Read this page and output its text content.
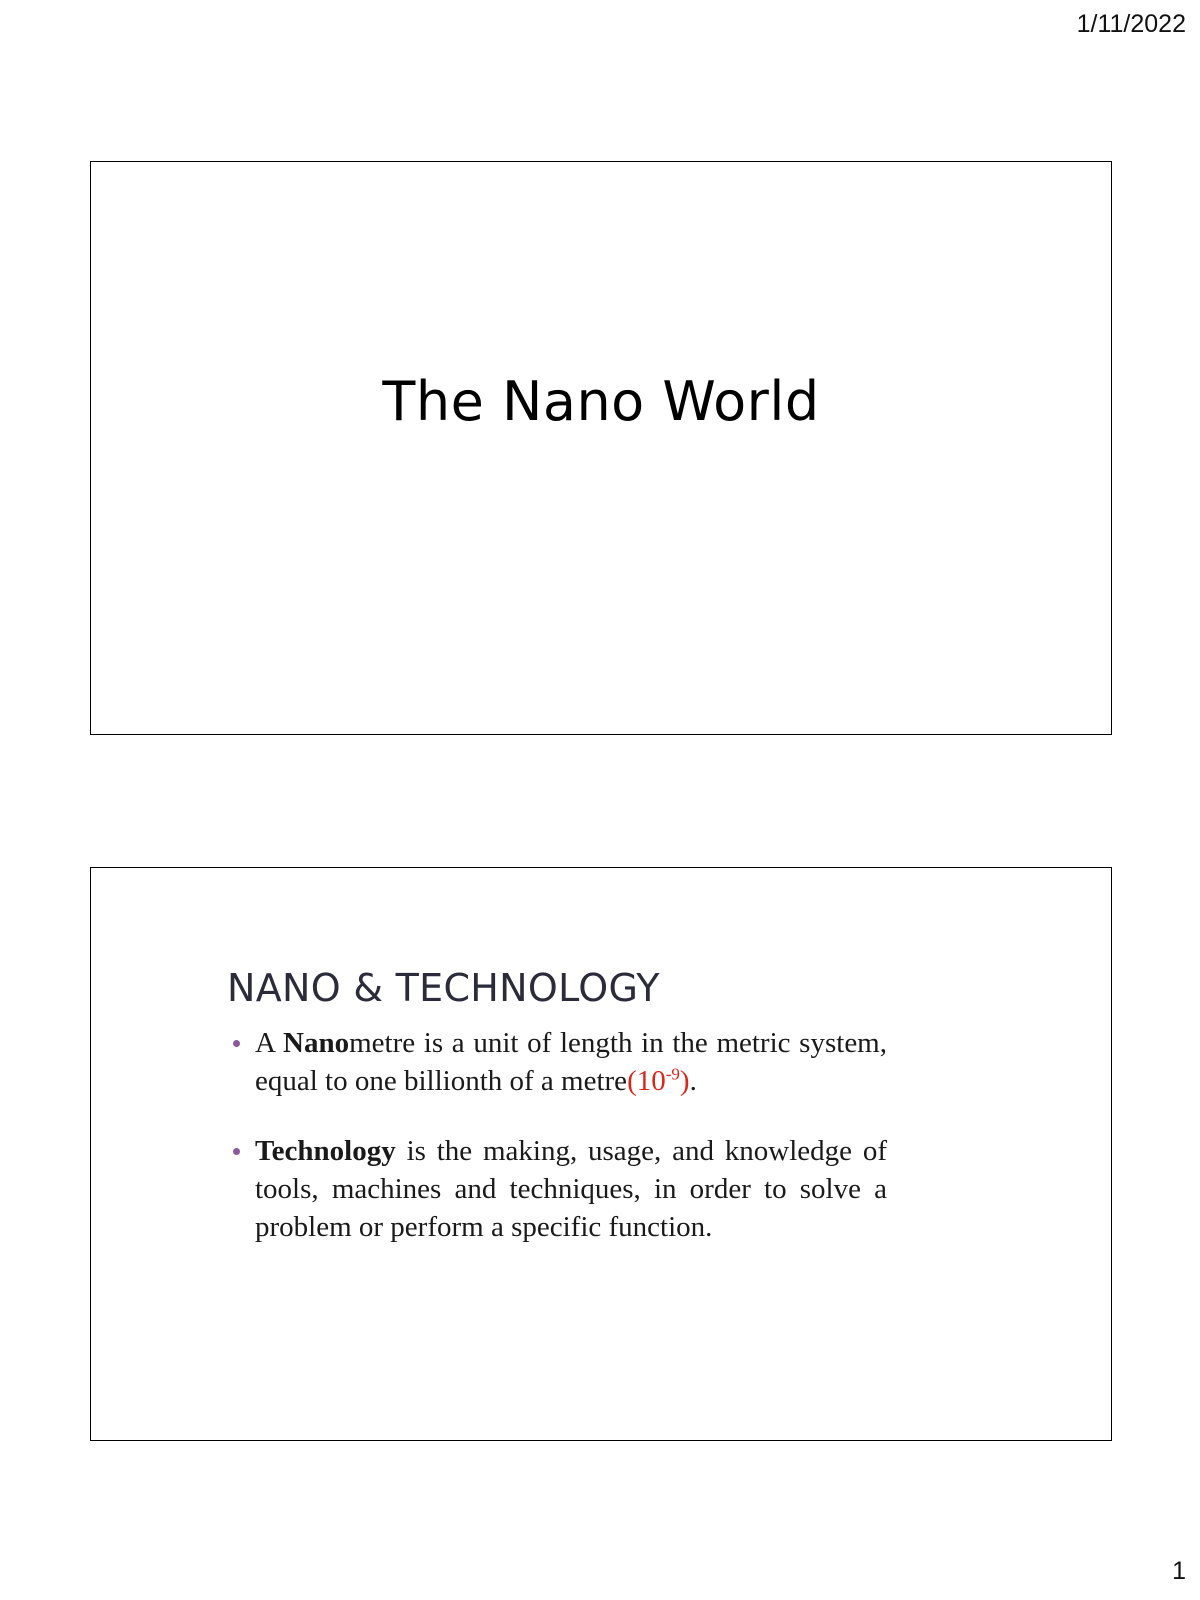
1/11/2022
The Nano World
NANO & TECHNOLOGY
A Nanometre is a unit of length in the metric system, equal to one billionth of a $metre(10^{-9})$.
Technology is the making, usage, and knowledge of tools, machines and techniques, in order to solve a problem or perform a specific function.
1
